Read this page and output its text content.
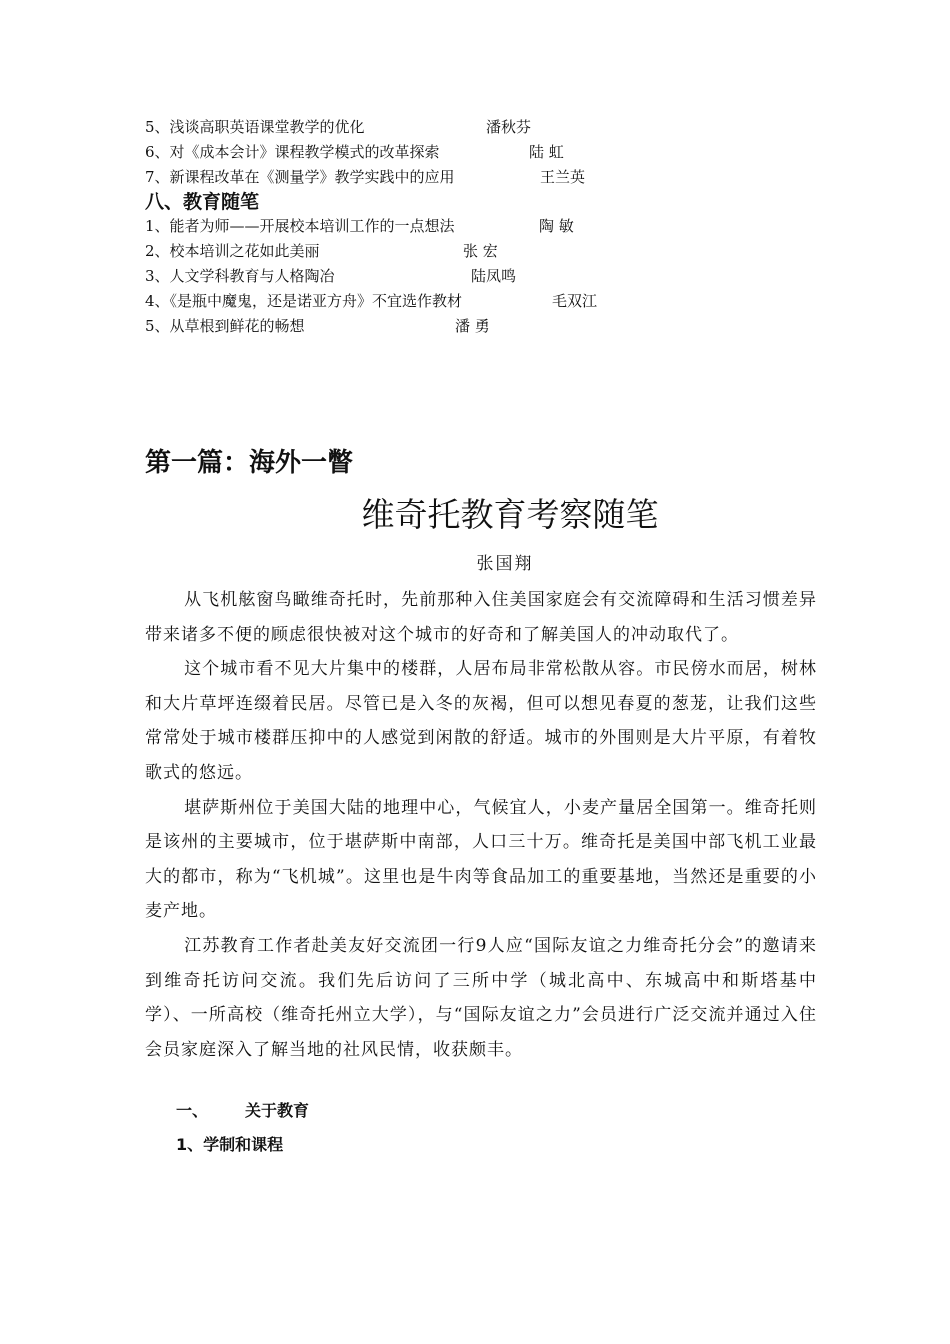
5、浅谈高职英语课堂教学的优化	潘秋芬
6、对《成本会计》课程教学模式的改革探索	陆 虹
7、新课程改革在《测量学》教学实践中的应用	王兰英
八、教育随笔
1、能者为师——开展校本培训工作的一点想法	陶 敏
2、校本培训之花如此美丽	张 宏
3、人文学科教育与人格陶冶	陆凤鸣
4、《是瓶中魔鬼，还是诺亚方舟》不宜选作教材	毛双江
5、从草根到鲜花的畅想	潘 勇
第一篇：海外一瞥
维奇托教育考察随笔
张国翔

从飞机舷窗鸟瞰维奇托时，先前那种入住美国家庭会有交流障碍和生活习惯差异带来诸多不便的顾虑很快被对这个城市的好奇和了解美国人的冲动取代了。

这个城市看不见大片集中的楼群，人居布局非常松散从容。市民傍水而居，树林和大片草坪连缀着民居。尽管已是入冬的灰褐，但可以想见春夏的葱茏，让我们这些常常处于城市楼群压抑中的人感觉到闲散的舒适。城市的外围则是大片平原，有着牧歌式的悠远。

堪萨斯州位于美国大陆的地理中心，气候宜人，小麦产量居全国第一。维奇托则是该州的主要城市，位于堪萨斯中南部，人口三十万。维奇托是美国中部飞机工业最大的都市，称为“飞机城”。这里也是牛肉等食品加工的重要基地，当然还是重要的小麦产地。

江苏教育工作者赴美友好交流团一行9人应“国际友谊之力维奇托分会”的邀请来到维奇托访问交流。我们先后访问了三所中学（城北高中、东城高中和斯塔基中学）、一所高校（维奇托州立大学），与“国际友谊之力”会员进行广泛交流并通过入住会员家庭深入了解当地的社风民情，收获颇丰。

一、 关于教育
1、学制和课程
